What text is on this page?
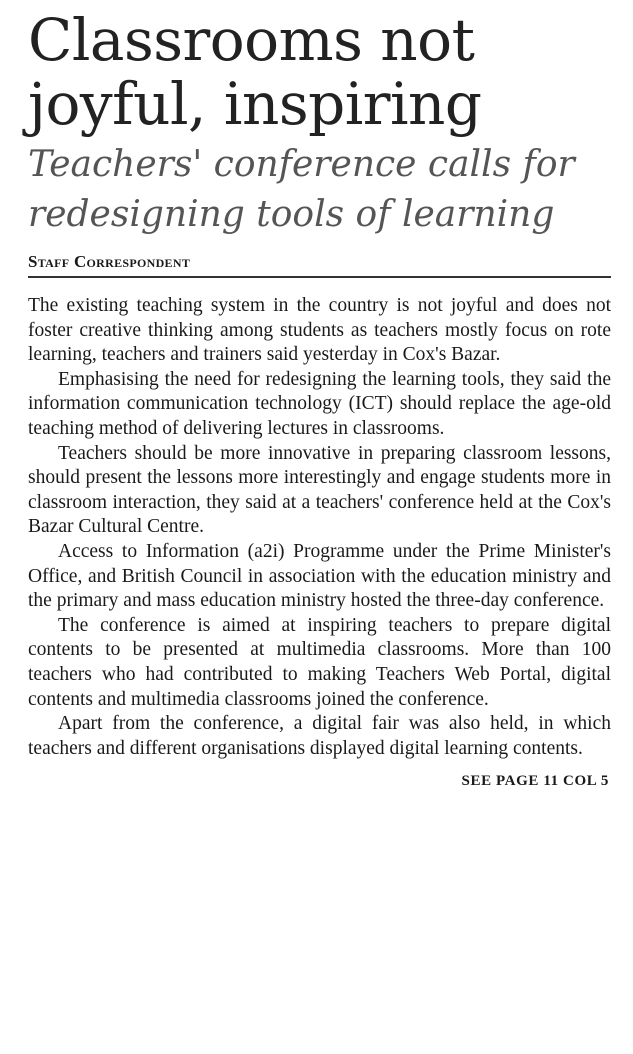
Classrooms not joyful, inspiring
Teachers' conference calls for redesigning tools of learning
Staff Correspondent

The existing teaching system in the country is not joyful and does not foster creative thinking among students as teachers mostly focus on rote learning, teachers and trainers said yesterday in Cox's Bazar.

Emphasising the need for redesigning the learning tools, they said the information communication technology (ICT) should replace the age-old teaching method of delivering lectures in classrooms.

Teachers should be more innovative in preparing classroom lessons, should present the lessons more interestingly and engage students more in classroom interaction, they said at a teachers' conference held at the Cox's Bazar Cultural Centre.

Access to Information (a2i) Programme under the Prime Minister's Office, and British Council in association with the education ministry and the primary and mass education ministry hosted the three-day conference.

The conference is aimed at inspiring teachers to prepare digital contents to be presented at multimedia classrooms. More than 100 teachers who had contributed to making Teachers Web Portal, digital contents and multimedia classrooms joined the conference.

Apart from the conference, a digital fair was also held, in which teachers and different organisations displayed digital learning contents.

SEE PAGE 11 COL 5
